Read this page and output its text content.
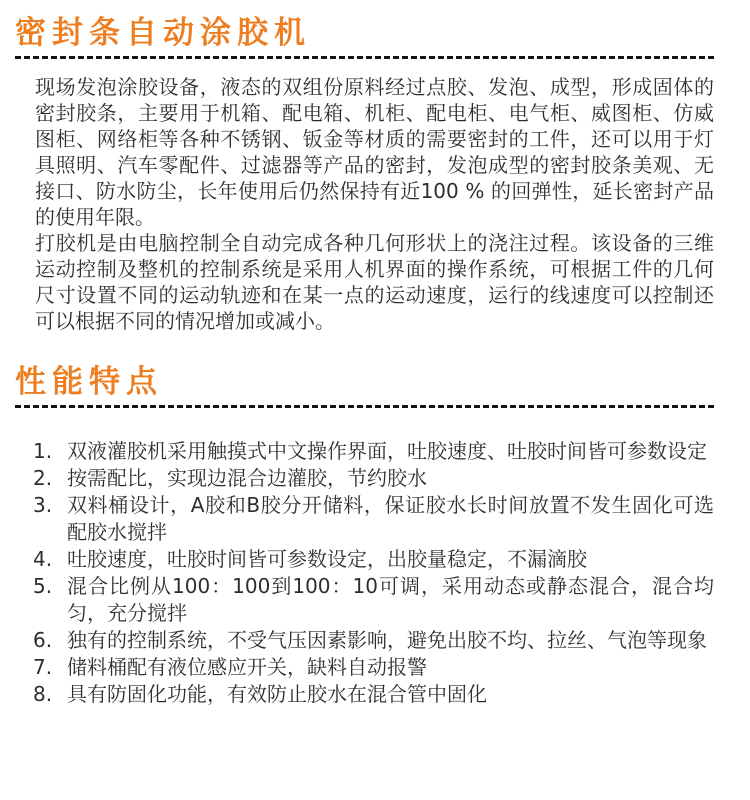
密封条自动涂胶机

现场发泡涂胶设备，液态的双组份原料经过点胶、发泡、成型，形成固体的密封胶条，主要用于机箱、配电箱、机柜、配电柜、电气柜、威图柜、仿威图柜、网络柜等各种不锈钢、钣金等材质的需要密封的工件，还可以用于灯具照明、汽车零配件、过滤器等产品的密封，发泡成型的密封胶条美观、无接口、防水防尘，长年使用后仍然保持有近100 % 的回弹性，延长密封产品的使用年限。

打胶机是由电脑控制全自动完成各种几何形状上的浇注过程。该设备的三维运动控制及整机的控制系统是采用人机界面的操作系统，可根据工件的几何尺寸设置不同的运动轨迹和在某一点的运动速度，运行的线速度可以控制还可以根据不同的情况增加或减小。

性能特点
1. 双液灌胶机采用触摸式中文操作界面，吐胶速度、吐胶时间皆可参数设定
2. 按需配比，实现边混合边灌胶，节约胶水
3. 双料桶设计，A胶和B胶分开储料，保证胶水长时间放置不发生固化可选配胶水搅拌
4. 吐胶速度，吐胶时间皆可参数设定，出胶量稳定，不漏滴胶
5. 混合比例从100：100到100：10可调，采用动态或静态混合，混合均匀，充分搅拌
6. 独有的控制系统，不受气压因素影响，避免出胶不均、拉丝、气泡等现象
7. 储料桶配有液位感应开关，缺料自动报警
8. 具有防固化功能，有效防止胶水在混合管中固化
